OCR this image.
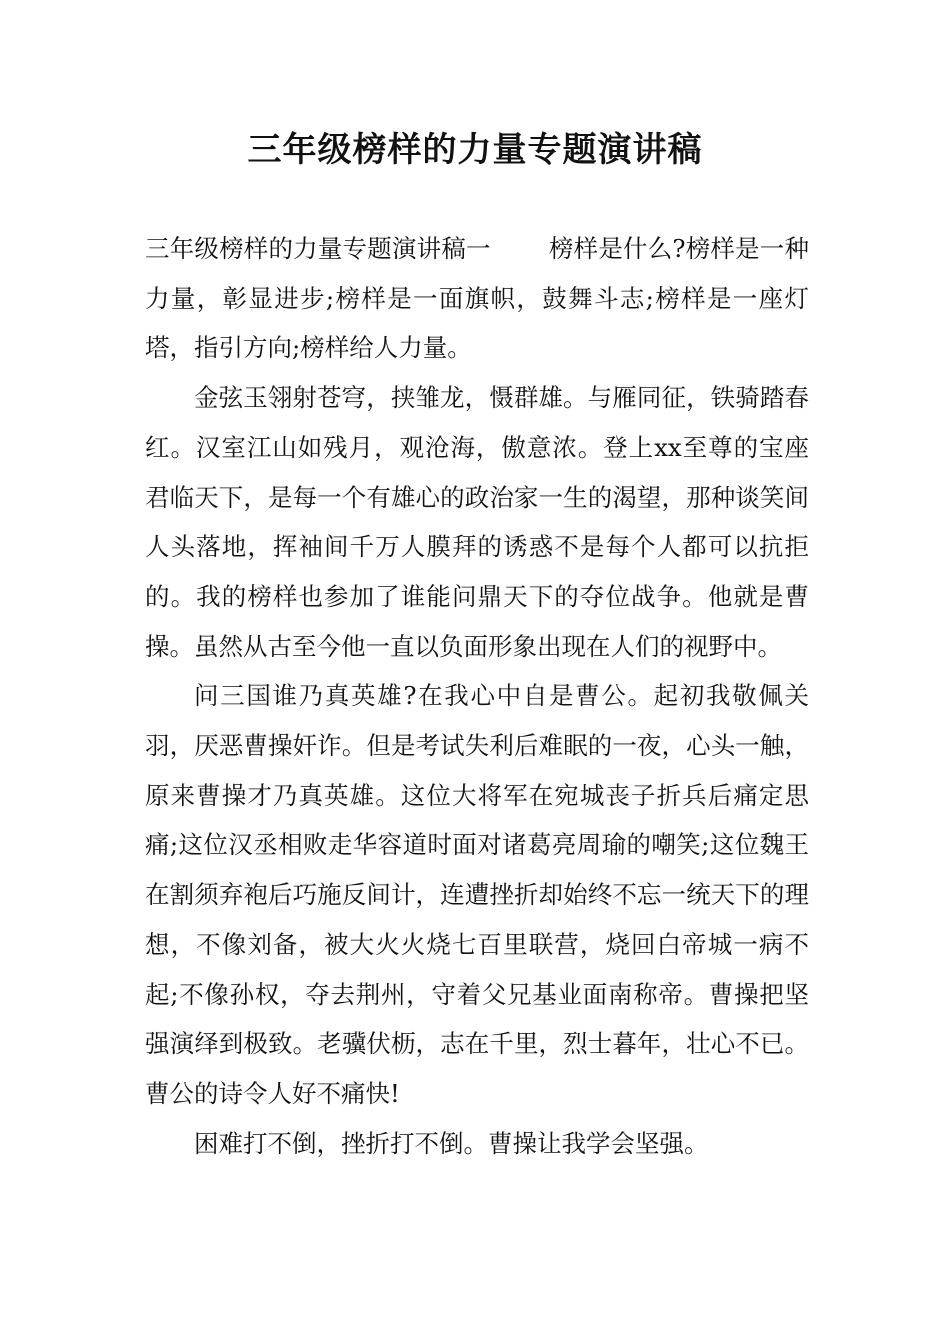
三年级榜样的力量专题演讲稿

三年级榜样的力量专题演讲稿一 榜样是什么?榜样是一种力量，彰显进步;榜样是一面旗帜，鼓舞斗志;榜样是一座灯塔，指引方向;榜样给人力量。

金弦玉翎射苍穹，挟雏龙，慑群雄。与雁同征，铁骑踏春红。汉室江山如残月，观沧海，傲意浓。登上xx至尊的宝座君临天下，是每一个有雄心的政治家一生的渴望，那种谈笑间人头落地，挥袖间千万人膜拜的诱惑不是每个人都可以抗拒的。我的榜样也参加了谁能问鼎天下的夺位战争。他就是曹操。虽然从古至今他一直以负面形象出现在人们的视野中。

问三国谁乃真英雄?在我心中自是曹公。起初我敬佩关羽，厌恶曹操奸诈。但是考试失利后难眠的一夜，心头一触，原来曹操才乃真英雄。这位大将军在宛城丧子折兵后痛定思痛;这位汉丞相败走华容道时面对诸葛亮周瑜的嘲笑;这位魏王在割须弃袍后巧施反间计，连遭挫折却始终不忘一统天下的理想，不像刘备，被大火火烧七百里联营，烧回白帝城一病不起;不像孙权，夺去荆州，守着父兄基业面南称帝。曹操把坚强演绎到极致。老骥伏枥，志在千里，烈士暮年，壮心不已。曹公的诗令人好不痛快!

困难打不倒，挫折打不倒。曹操让我学会坚强。
